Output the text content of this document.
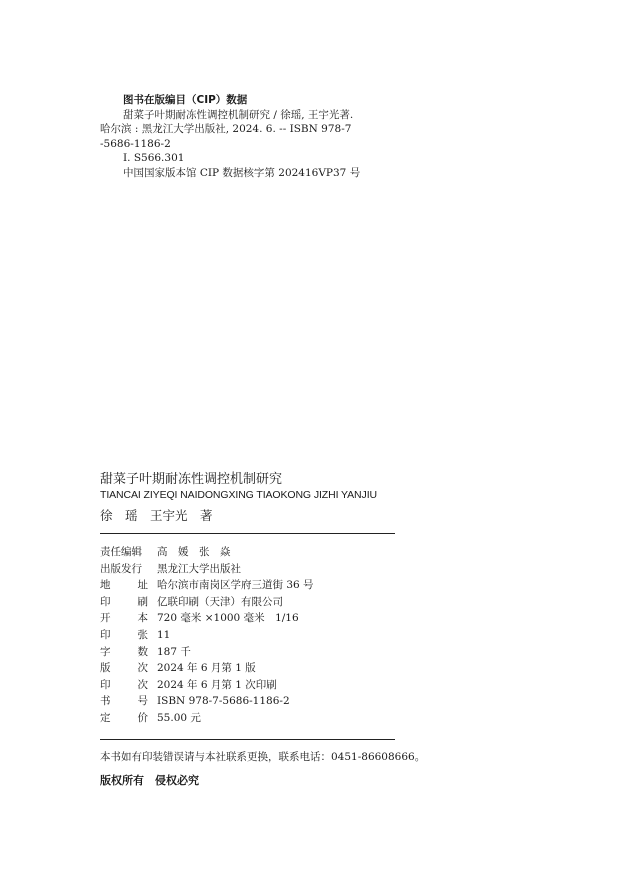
图书在版编目（CIP）数据
甜菜子叶期耐冻性调控机制研究 / 徐瑶, 王宇光著.
哈尔滨 : 黑龙江大学出版社, 2024. 6. -- ISBN 978-7
-5686-1186-2
Ⅰ. S566.301
中国国家版本馆 CIP 数据核字第 202416VP37 号
甜菜子叶期耐冻性调控机制研究
TIANCAI ZIYEQI NAIDONGXING TIAOKONG JIZHI YANJIU
徐　瑶　王宇光　著
责任编辑 高　媛　张　焱
出版发行 黑龙江大学出版社
地	址 哈尔滨市南岗区学府三道街 36 号
印	刷 亿联印刷（天津）有限公司
开	本 720 毫米 ×1000 毫米　1/16
印	张 11
字	数 187 千
版	次 2024 年 6 月第 1 版
印	次 2024 年 6 月第 1 次印刷
书	号 ISBN 978-7-5686-1186-2
定	价 55.00 元
本书如有印装错误请与本社联系更换，联系电话：0451-86608666。
版权所有　侵权必究
